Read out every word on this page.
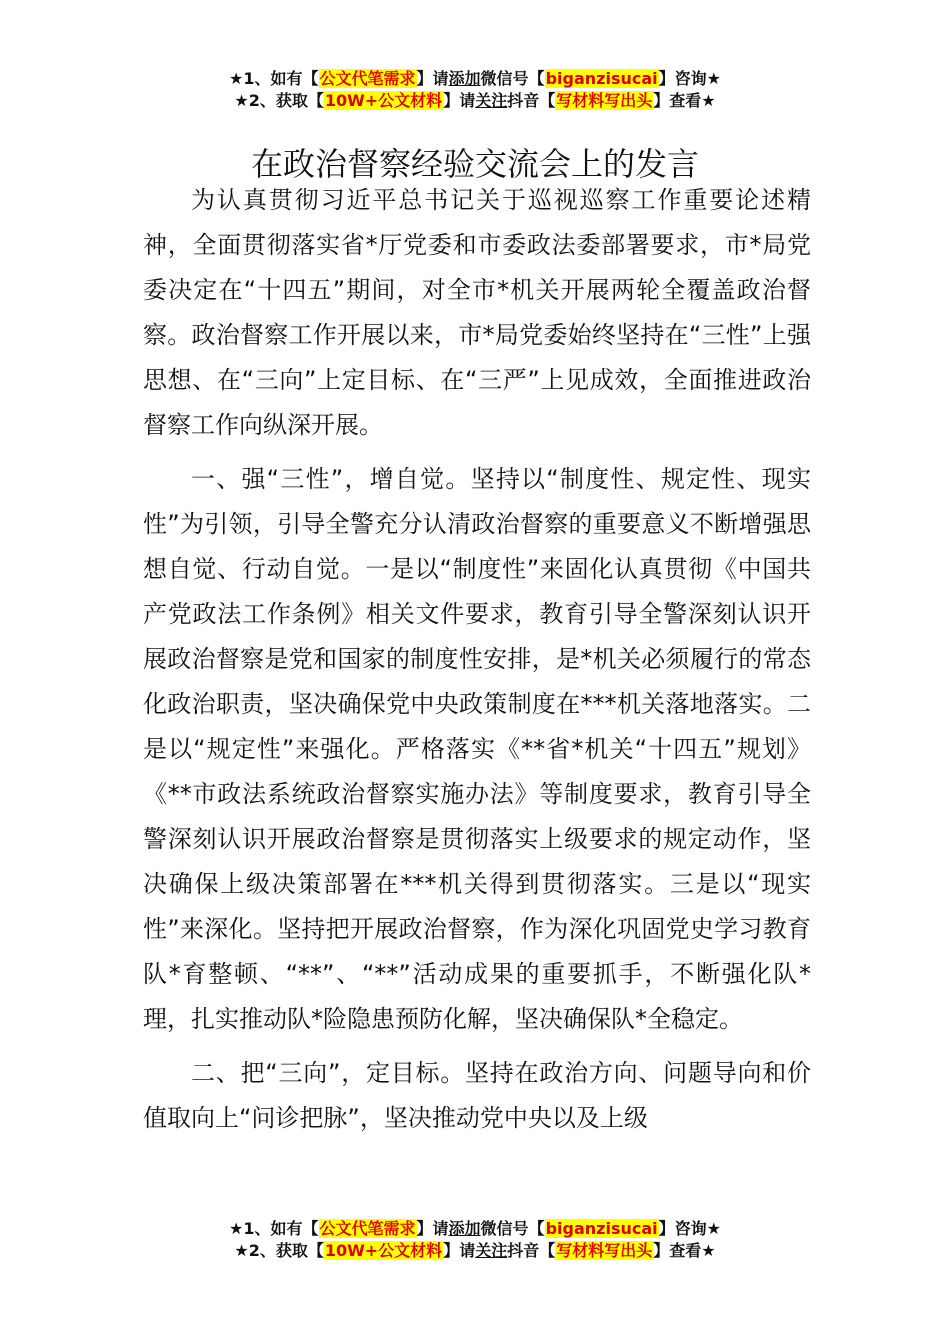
★1、如有【公文代笔需求】请添加微信号【biganzisucai】咨询★
★2、获取【10W+公文材料】请关注抖音【写材料写出头】查看★
在政治督察经验交流会上的发言

为认真贯彻习近平总书记关于巡视巡察工作重要论述精神，全面贯彻落实省*厅党委和市委政法委部署要求，市*局党委决定在“十四五”期间，对全市*机关开展两轮全覆盖政治督察。政治督察工作开展以来，市*局党委始终坚持在“三性”上强思想、在“三向”上定目标、在“三严”上见成效，全面推进政治督察工作向纵深开展。

一、强“三性”，增自觉。坚持以“制度性、规定性、现实性”为引领，引导全警充分认清政治督察的重要意义不断增强思想自觉、行动自觉。一是以“制度性”来固化认真贯彻《中国共产党政法工作条例》相关文件要求，教育引导全警深刻认识开展政治督察是党和国家的制度性安排，是*机关必须履行的常态化政治职责，坚决确保党中央政策制度在***机关落地落实。二是以“规定性”来强化。严格落实《**省*机关“十四五”规划》《**市政法系统政治督察实施办法》等制度要求，教育引导全警深刻认识开展政治督察是贯彻落实上级要求的规定动作，坚决确保上级决策部署在***机关得到贯彻落实。三是以“现实性”来深化。坚持把开展政治督察，作为深化巩固党史学习教育队*育整顿、“**”、“**”活动成果的重要抓手，不断强化队*理，扎实推动队*险隐患预防化解，坚决确保队*全稳定。

二、把“三向”，定目标。坚持在政治方向、问题导向和价值取向上“问诊把脉”，坚决推动党中央以及上级

★1、如有【公文代笔需求】请添加微信号【biganzisucai】咨询★
★2、获取【10W+公文材料】请关注抖音【写材料写出头】查看★
